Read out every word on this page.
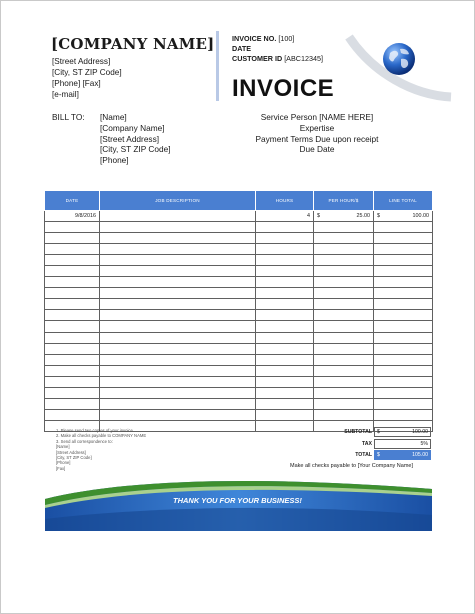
[COMPANY NAME]
[Street Address]
[City, ST ZIP Code]
[Phone] [Fax]
[e-mail]
INVOICE NO. [100]
DATE
CUSTOMER ID [ABC12345]
INVOICE
BILL TO: [Name]
[Company Name]
[Street Address]
[City, ST ZIP Code]
[Phone]
Service Person [NAME HERE]
Expertise
Payment Terms Due upon receipt
Due Date
DATE	JOB DESCRIPTION	HOURS	PER HOUR/$	LINE TOTAL
9/8/2016		4	$ 25.00	$ 100.00

1. Please send two copies of your invoice.
2. Make all checks payable to COMPANY NAME
3. Send all correspondence to:
[Name]
[Street Address]
[City, ST ZIP Code]
[Phone]
[Fax]
SUBTOTAL $	100.00
TAX	5%
TOTAL $	105.00
Make all checks payable to [Your Company Name]
THANK YOU FOR YOUR BUSINESS!
